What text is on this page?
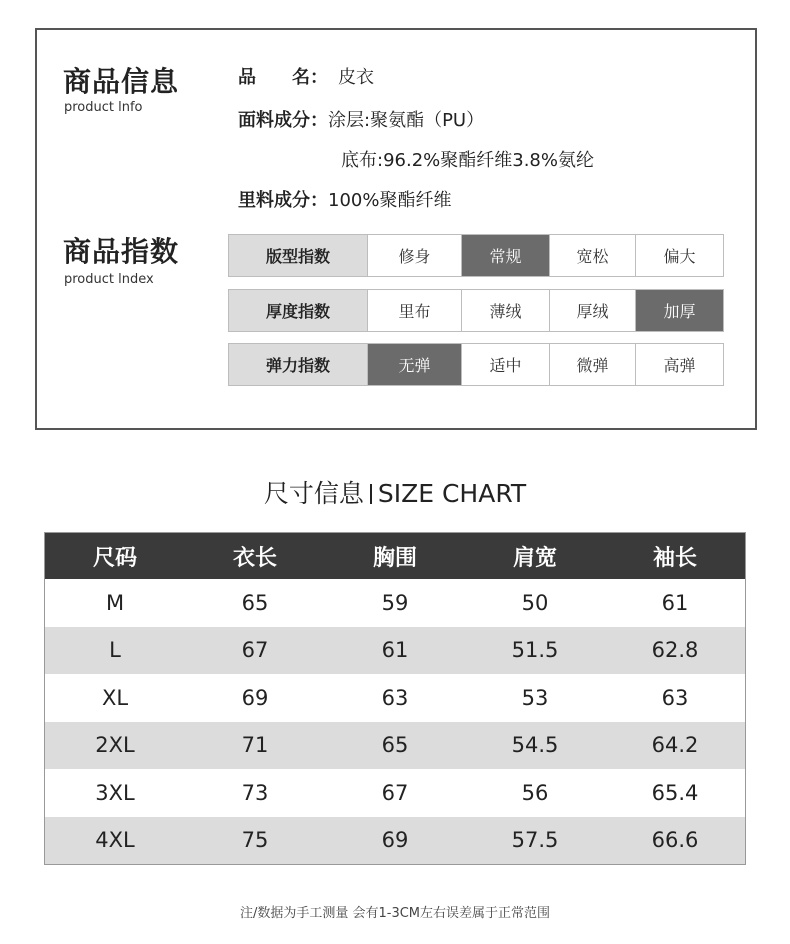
商品信息
product lnfo
品　　名： 皮衣
面料成分：涂层:聚氨酯（PU）
底布:96.2%聚酯纤维3.8%氨纶
里料成分：100%聚酯纤维
商品指数
product lndex
版型指数	修身	常规	宽松	偏大
厚度指数	里布	薄绒	厚绒	加厚
弹力指数	无弹	适中	微弹	高弹
尺寸信息 SIZE CHART
尺码	衣长	胸围	肩宽	袖长
M	65	59	50	61
L	67	61	51.5	62.8
XL	69	63	53	63
2XL	71	65	54.5	64.2
3XL	73	67	56	65.4
4XL	75	69	57.5	66.6
注/数据为手工测量 会有1-3CM左右误差属于正常范围
